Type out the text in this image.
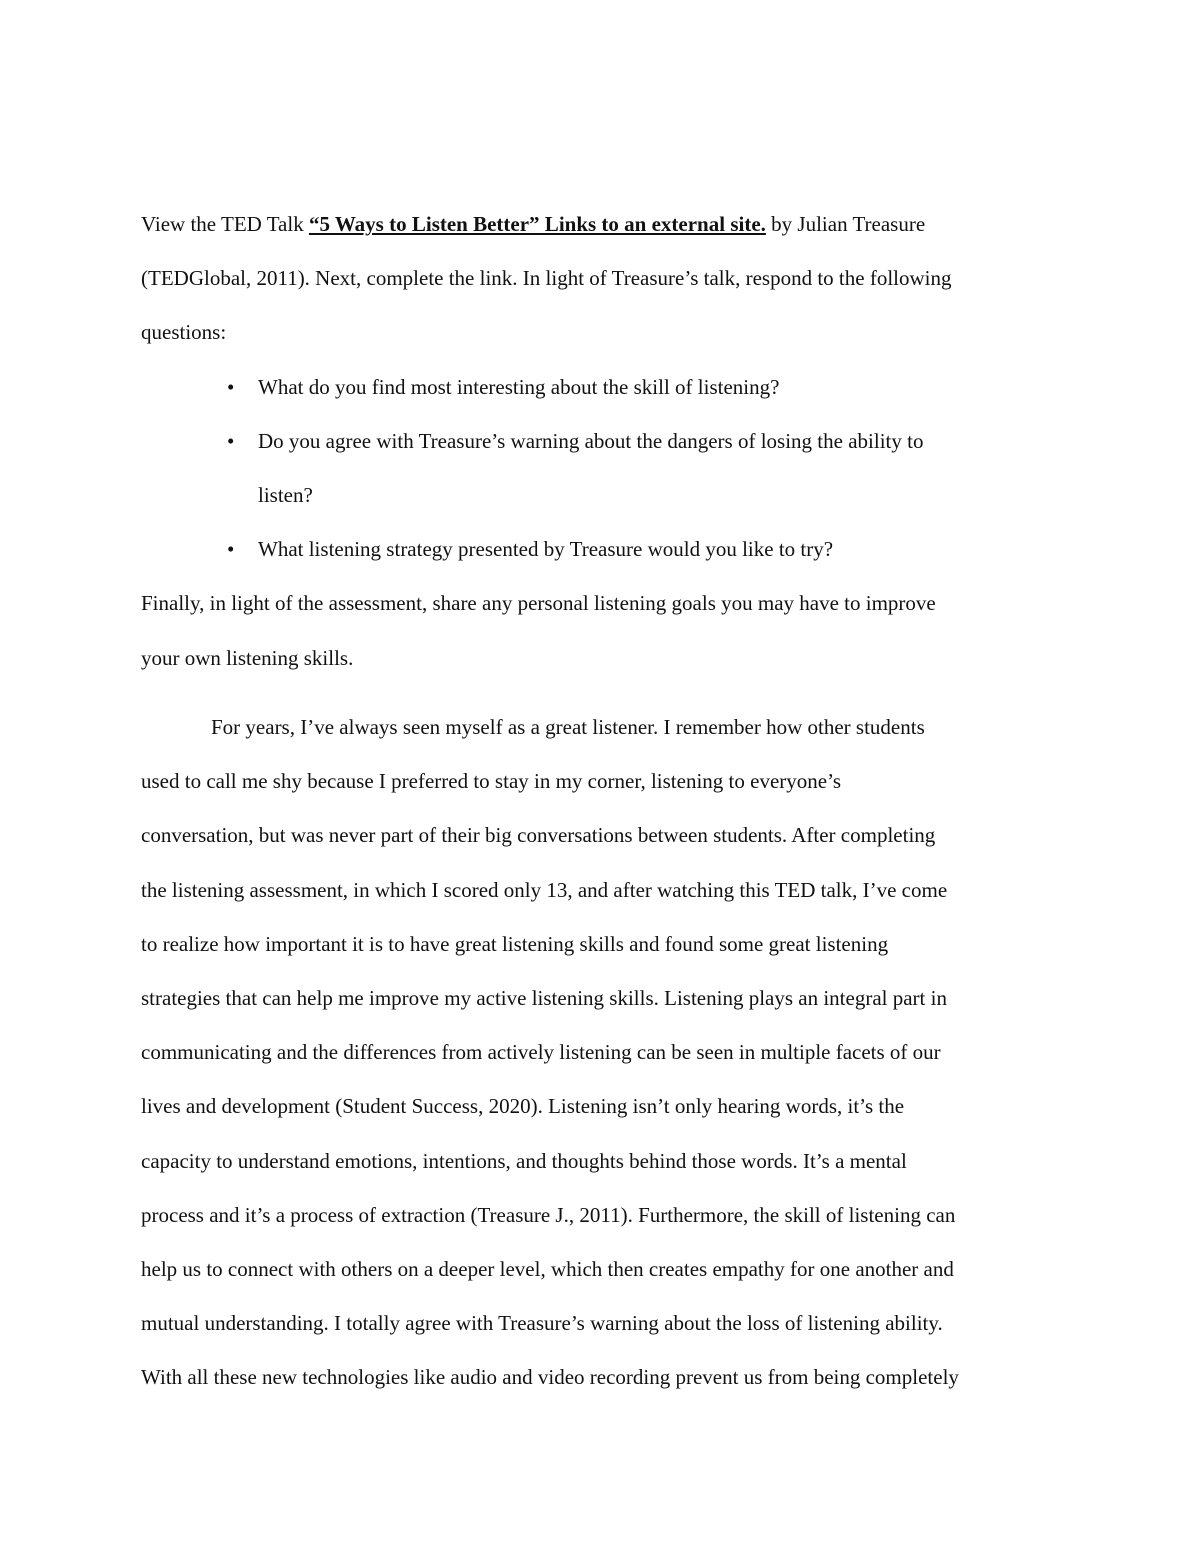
View the TED Talk “5 Ways to Listen Better” Links to an external site. by Julian Treasure
(TEDGlobal, 2011). Next, complete the link. In light of Treasure’s talk, respond to the following
questions:
• What do you find most interesting about the skill of listening?
• Do you agree with Treasure’s warning about the dangers of losing the ability to
listen?
• What listening strategy presented by Treasure would you like to try?
Finally, in light of the assessment, share any personal listening goals you may have to improve
your own listening skills.
For years, I’ve always seen myself as a great listener. I remember how other students
used to call me shy because I preferred to stay in my corner, listening to everyone’s
conversation, but was never part of their big conversations between students. After completing
the listening assessment, in which I scored only 13, and after watching this TED talk, I’ve come
to realize how important it is to have great listening skills and found some great listening
strategies that can help me improve my active listening skills. Listening plays an integral part in
communicating and the differences from actively listening can be seen in multiple facets of our
lives and development (Student Success, 2020). Listening isn’t only hearing words, it’s the
capacity to understand emotions, intentions, and thoughts behind those words. It’s a mental
process and it’s a process of extraction (Treasure J., 2011). Furthermore, the skill of listening can
help us to connect with others on a deeper level, which then creates empathy for one another and
mutual understanding. I totally agree with Treasure’s warning about the loss of listening ability.
With all these new technologies like audio and video recording prevent us from being completely
